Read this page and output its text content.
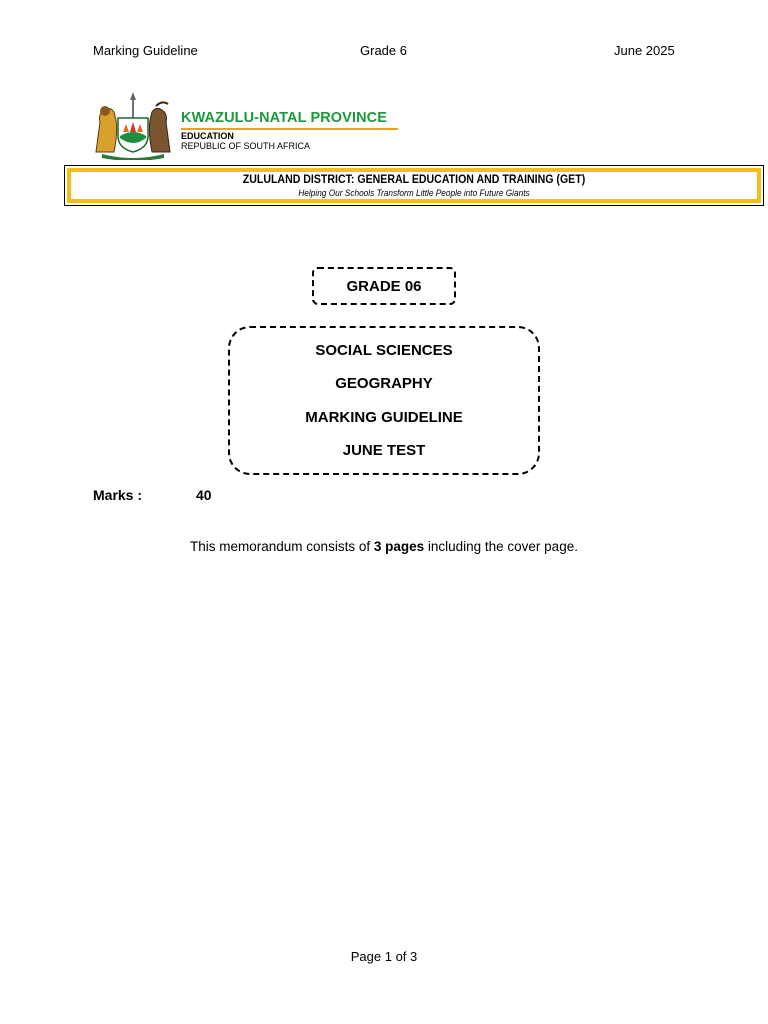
Marking Guideline	Grade 6	June 2025
KWAZULU-NATAL PROVINCE
EDUCATION
REPUBLIC OF SOUTH AFRICA
ZULULAND DISTRICT: GENERAL EDUCATION AND TRAINING (GET)
Helping Our Schools Transform Little People into Future Giants
GRADE 06
SOCIAL SCIENCES
GEOGRAPHY
MARKING GUIDELINE
JUNE TEST
Marks :	40
This memorandum consists of 3 pages including the cover page.
Page 1 of 3
